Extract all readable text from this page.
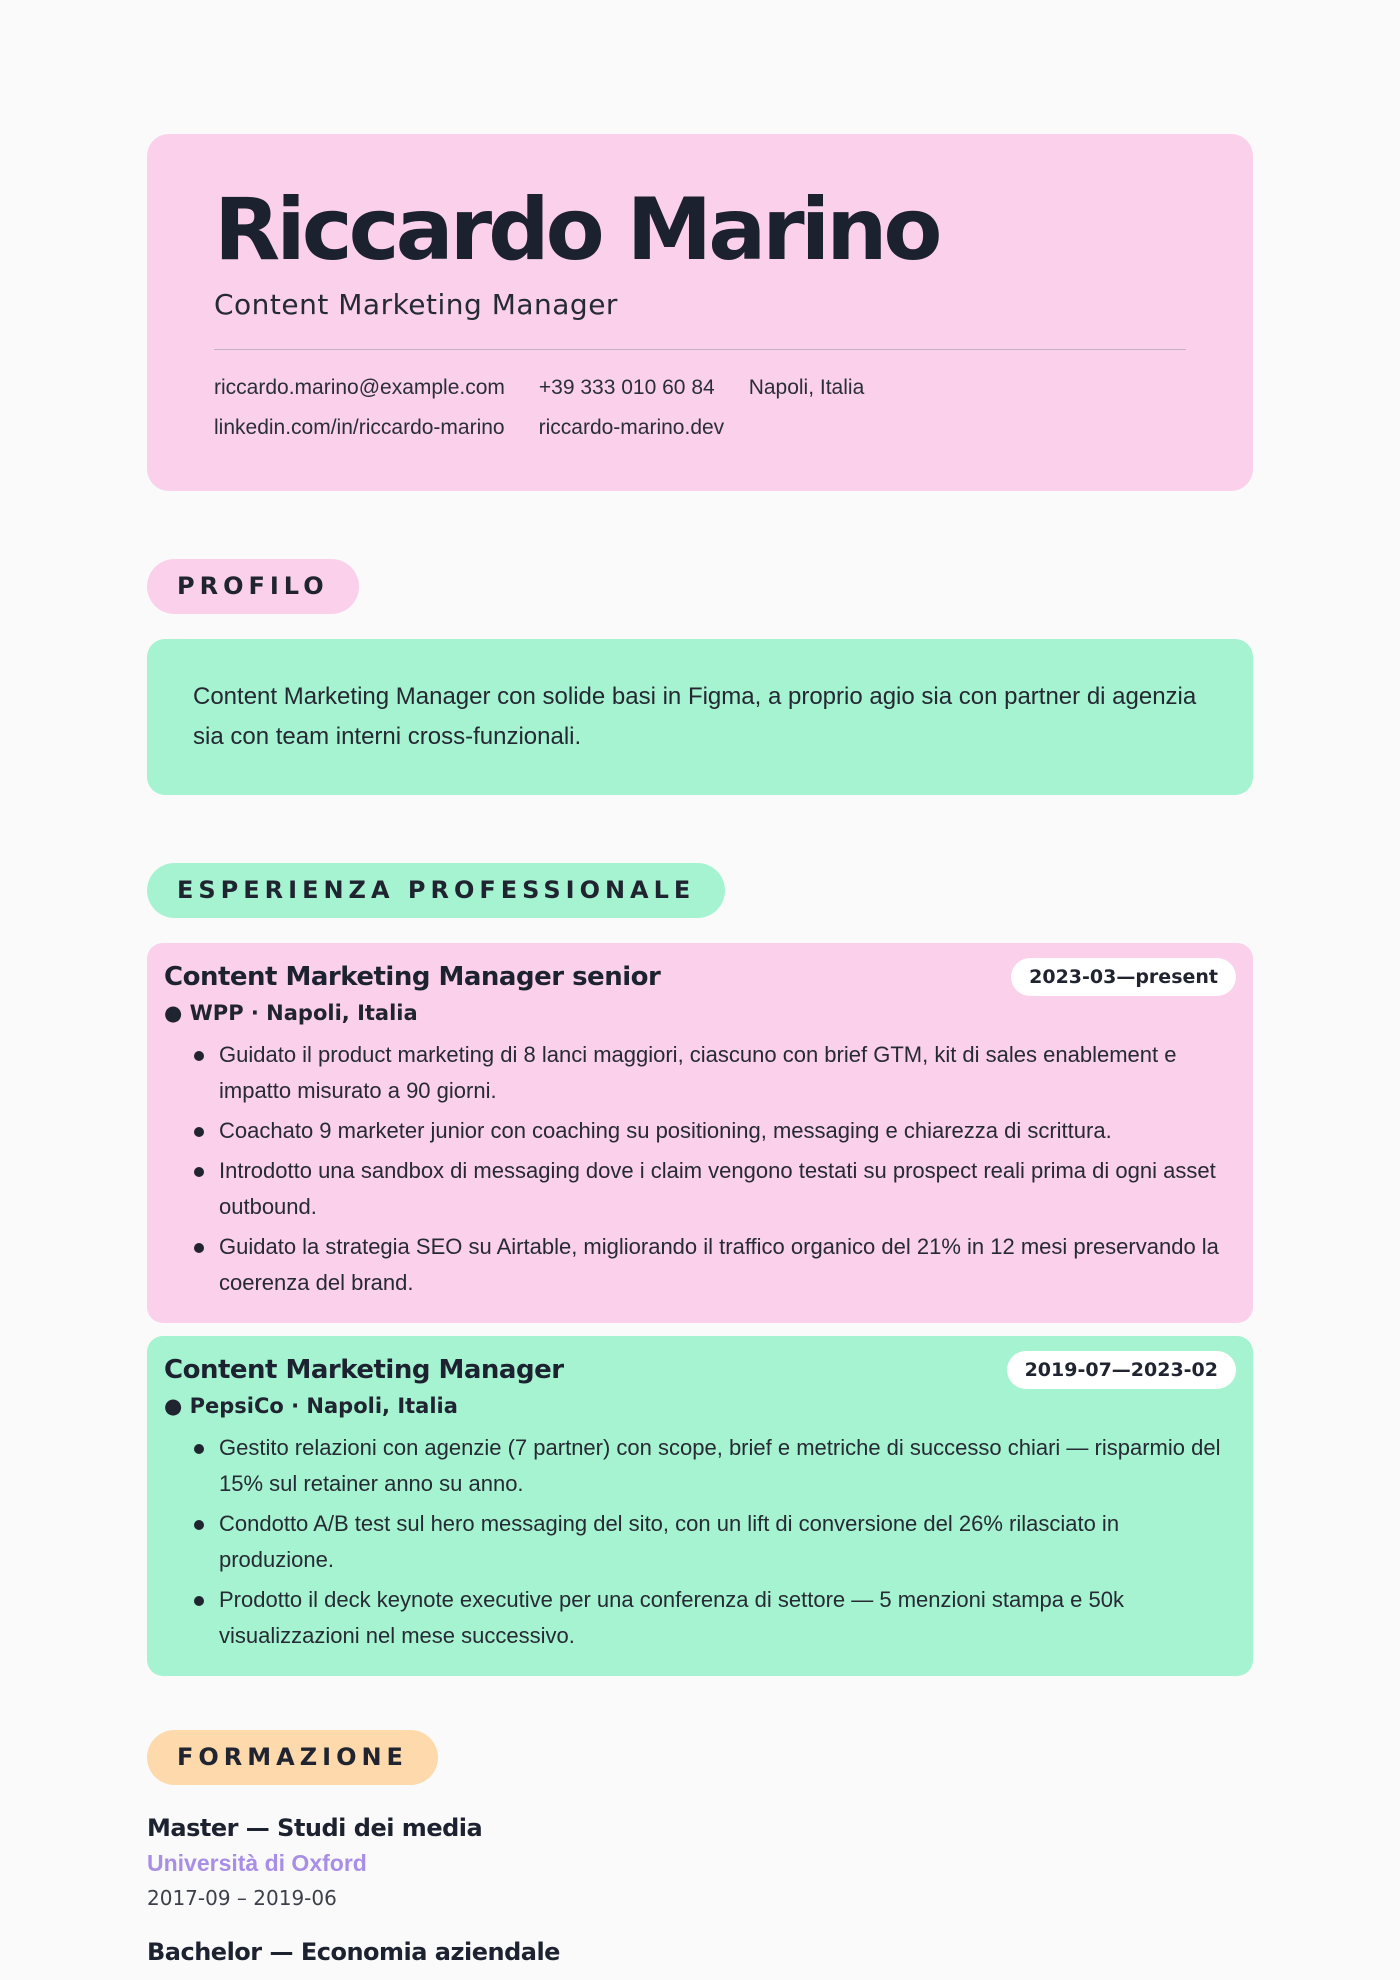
Riccardo Marino
Content Marketing Manager
riccardo.marino@example.com +39 333 010 60 84 Napoli, Italia
linkedin.com/in/riccardo-marino riccardo-marino.dev
PROFILO
Content Marketing Manager con solide basi in Figma, a proprio agio sia con partner di agenzia sia con team interni cross-funzionali.
ESPERIENZA PROFESSIONALE
Content Marketing Manager senior	2023-03—present
● WPP · Napoli, Italia
Guidato il product marketing di 8 lanci maggiori, ciascuno con brief GTM, kit di sales enablement e impatto misurato a 90 giorni.
Coachato 9 marketer junior con coaching su positioning, messaging e chiarezza di scrittura.
Introdotto una sandbox di messaging dove i claim vengono testati su prospect reali prima di ogni asset outbound.
Guidato la strategia SEO su Airtable, migliorando il traffico organico del 21% in 12 mesi preservando la coerenza del brand.
Content Marketing Manager	2019-07—2023-02
● PepsiCo · Napoli, Italia
Gestito relazioni con agenzie (7 partner) con scope, brief e metriche di successo chiari — risparmio del 15% sul retainer anno su anno.
Condotto A/B test sul hero messaging del sito, con un lift di conversione del 26% rilasciato in produzione.
Prodotto il deck keynote executive per una conferenza di settore — 5 menzioni stampa e 50k visualizzazioni nel mese successivo.
FORMAZIONE
Master — Studi dei media
Università di Oxford
2017-09 – 2019-06
Bachelor — Economia aziendale
